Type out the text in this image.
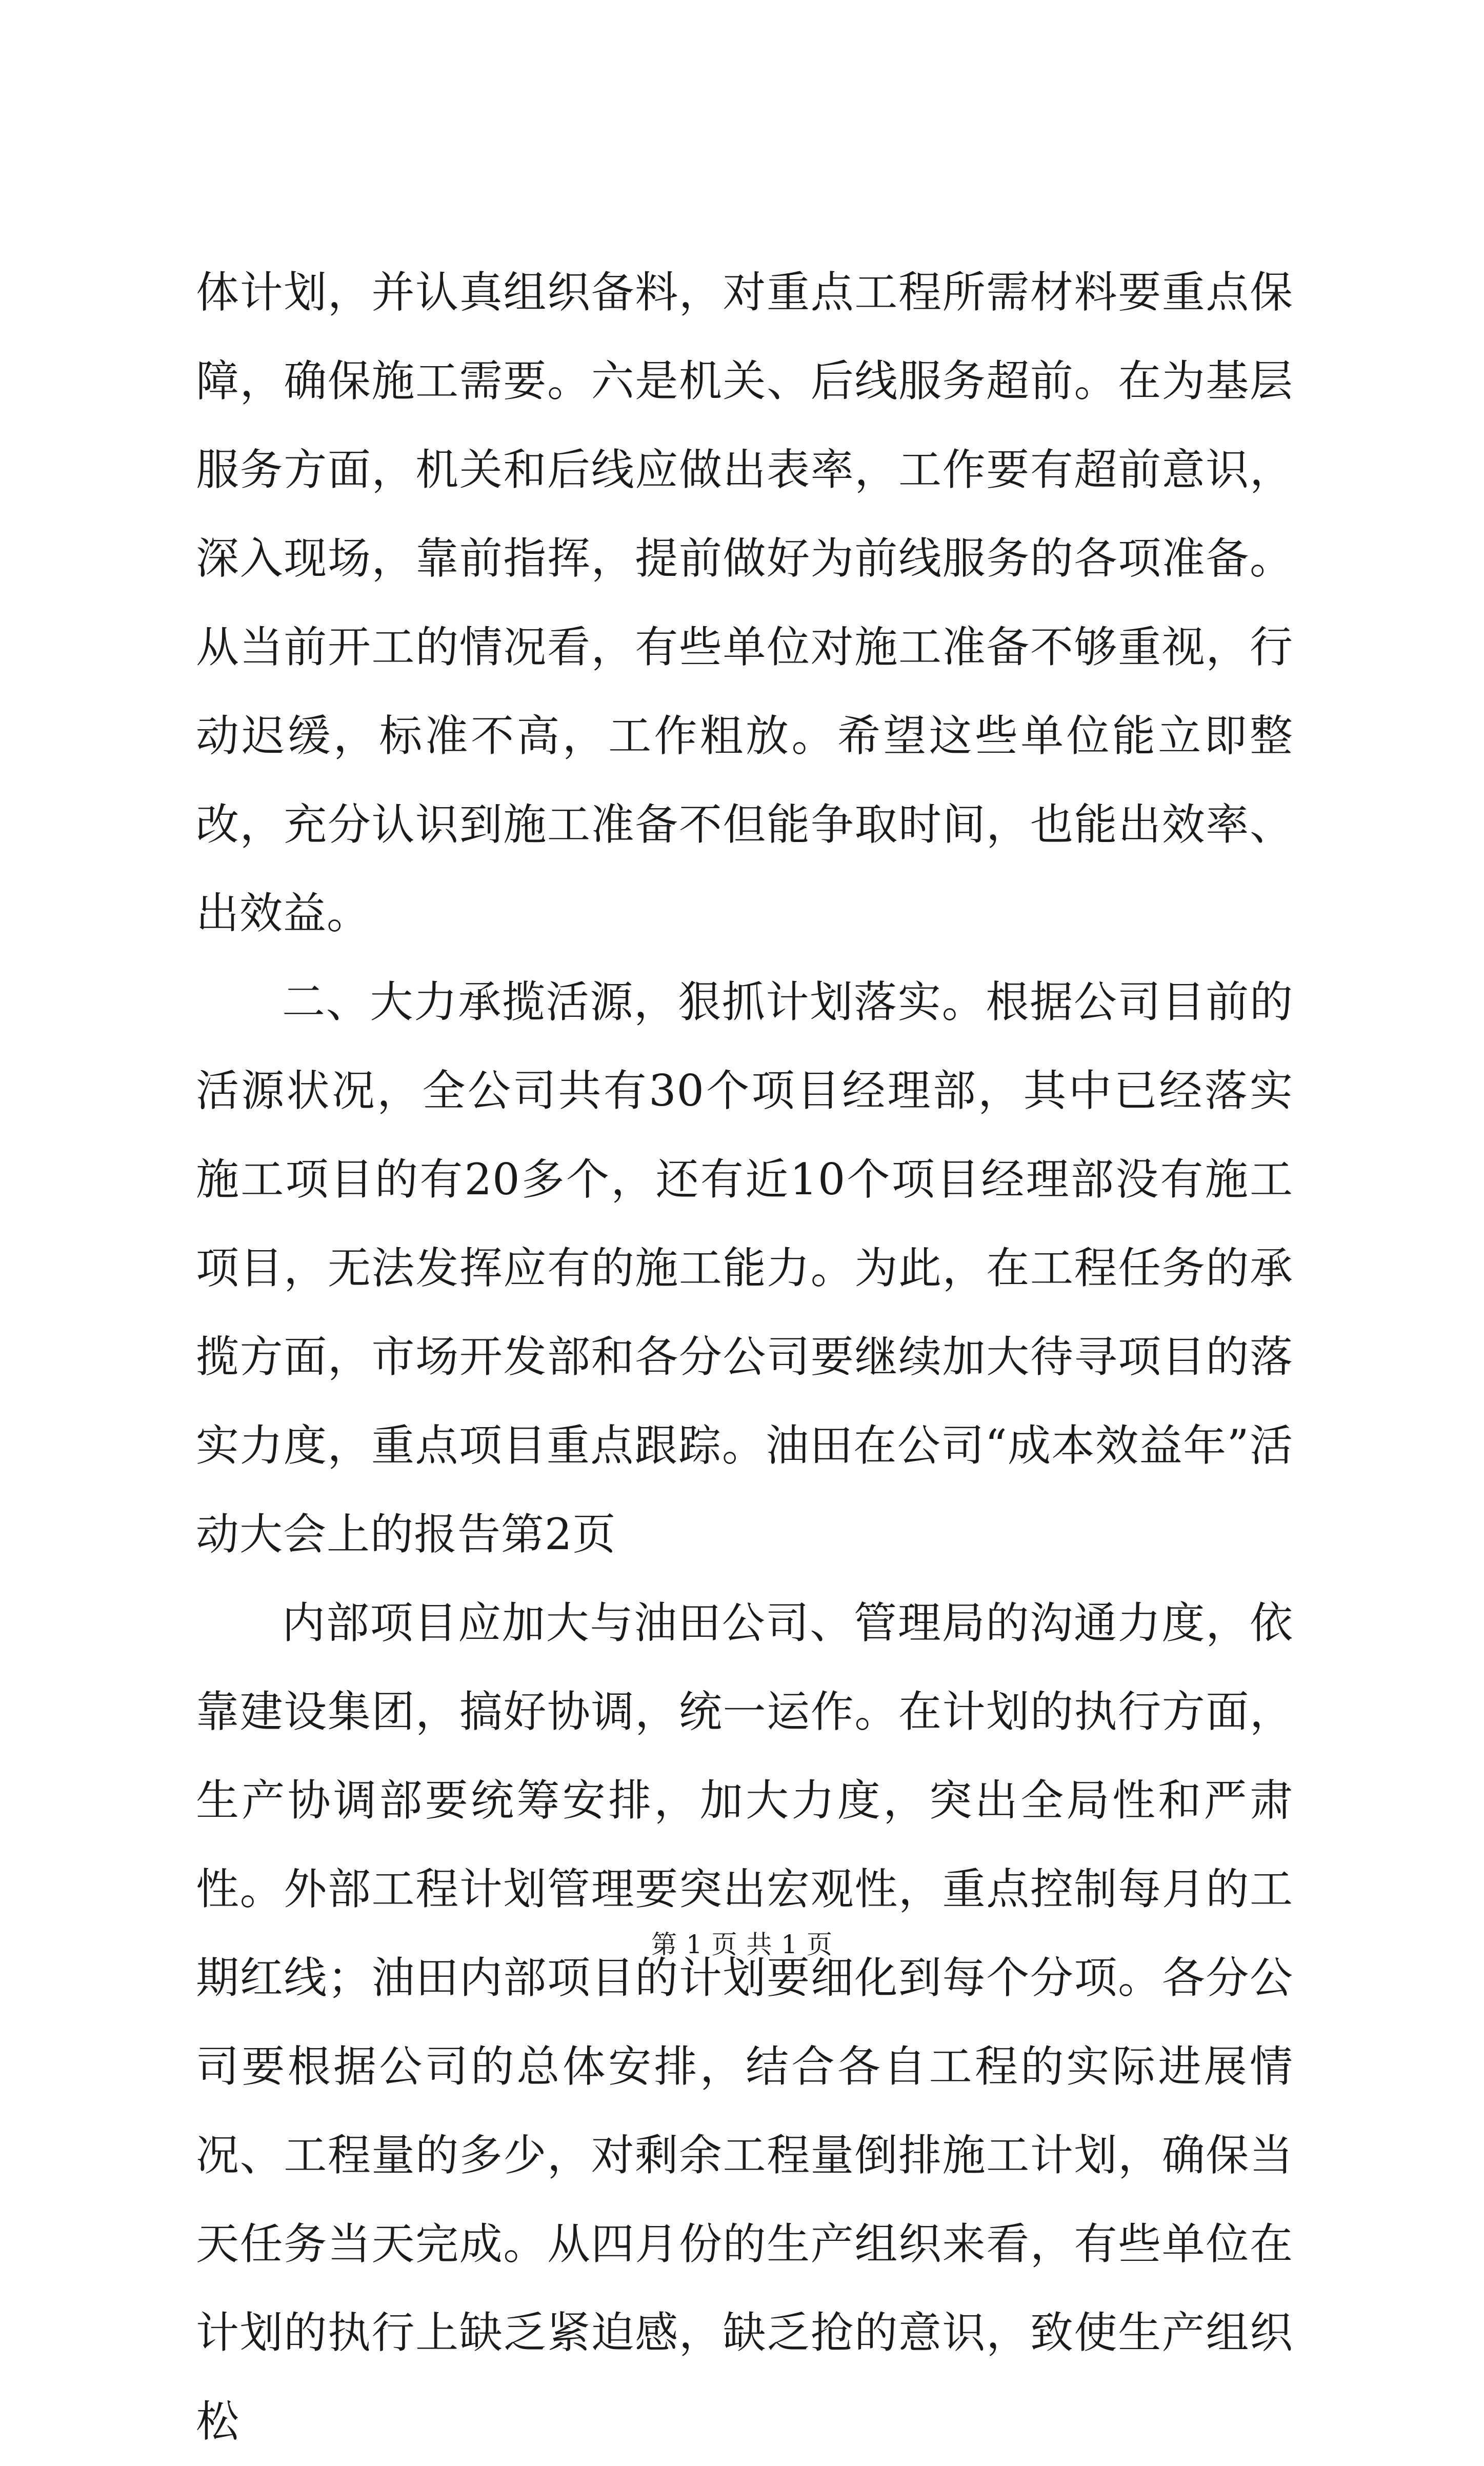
体计划，并认真组织备料，对重点工程所需材料要重点保障，确保施工需要。六是机关、后线服务超前。在为基层服务方面，机关和后线应做出表率，工作要有超前意识，深入现场，靠前指挥，提前做好为前线服务的各项准备。从当前开工的情况看，有些单位对施工准备不够重视，行动迟缓，标准不高，工作粗放。希望这些单位能立即整改，充分认识到施工准备不但能争取时间，也能出效率、出效益。

二、大力承揽活源，狠抓计划落实。根据公司目前的活源状况，全公司共有30个项目经理部，其中已经落实施工项目的有20多个，还有近10个项目经理部没有施工项目，无法发挥应有的施工能力。为此，在工程任务的承揽方面，市场开发部和各分公司要继续加大待寻项目的落实力度，重点项目重点跟踪。油田在公司“成本效益年”活动大会上的报告第2页

内部项目应加大与油田公司、管理局的沟通力度，依靠建设集团，搞好协调，统一运作。在计划的执行方面，生产协调部要统筹安排，加大力度，突出全局性和严肃性。外部工程计划管理要突出宏观性，重点控制每月的工期红线；油田内部项目的计划要细化到每个分项。各分公司要根据公司的总体安排，结合各自工程的实际进展情况、工程量的多少，对剩余工程量倒排施工计划，确保当天任务当天完成。从四月份的生产组织来看，有些单位在计划的执行上缺乏紧迫感，缺乏抢的意识，致使生产组织松

第 1 页 共 1 页
